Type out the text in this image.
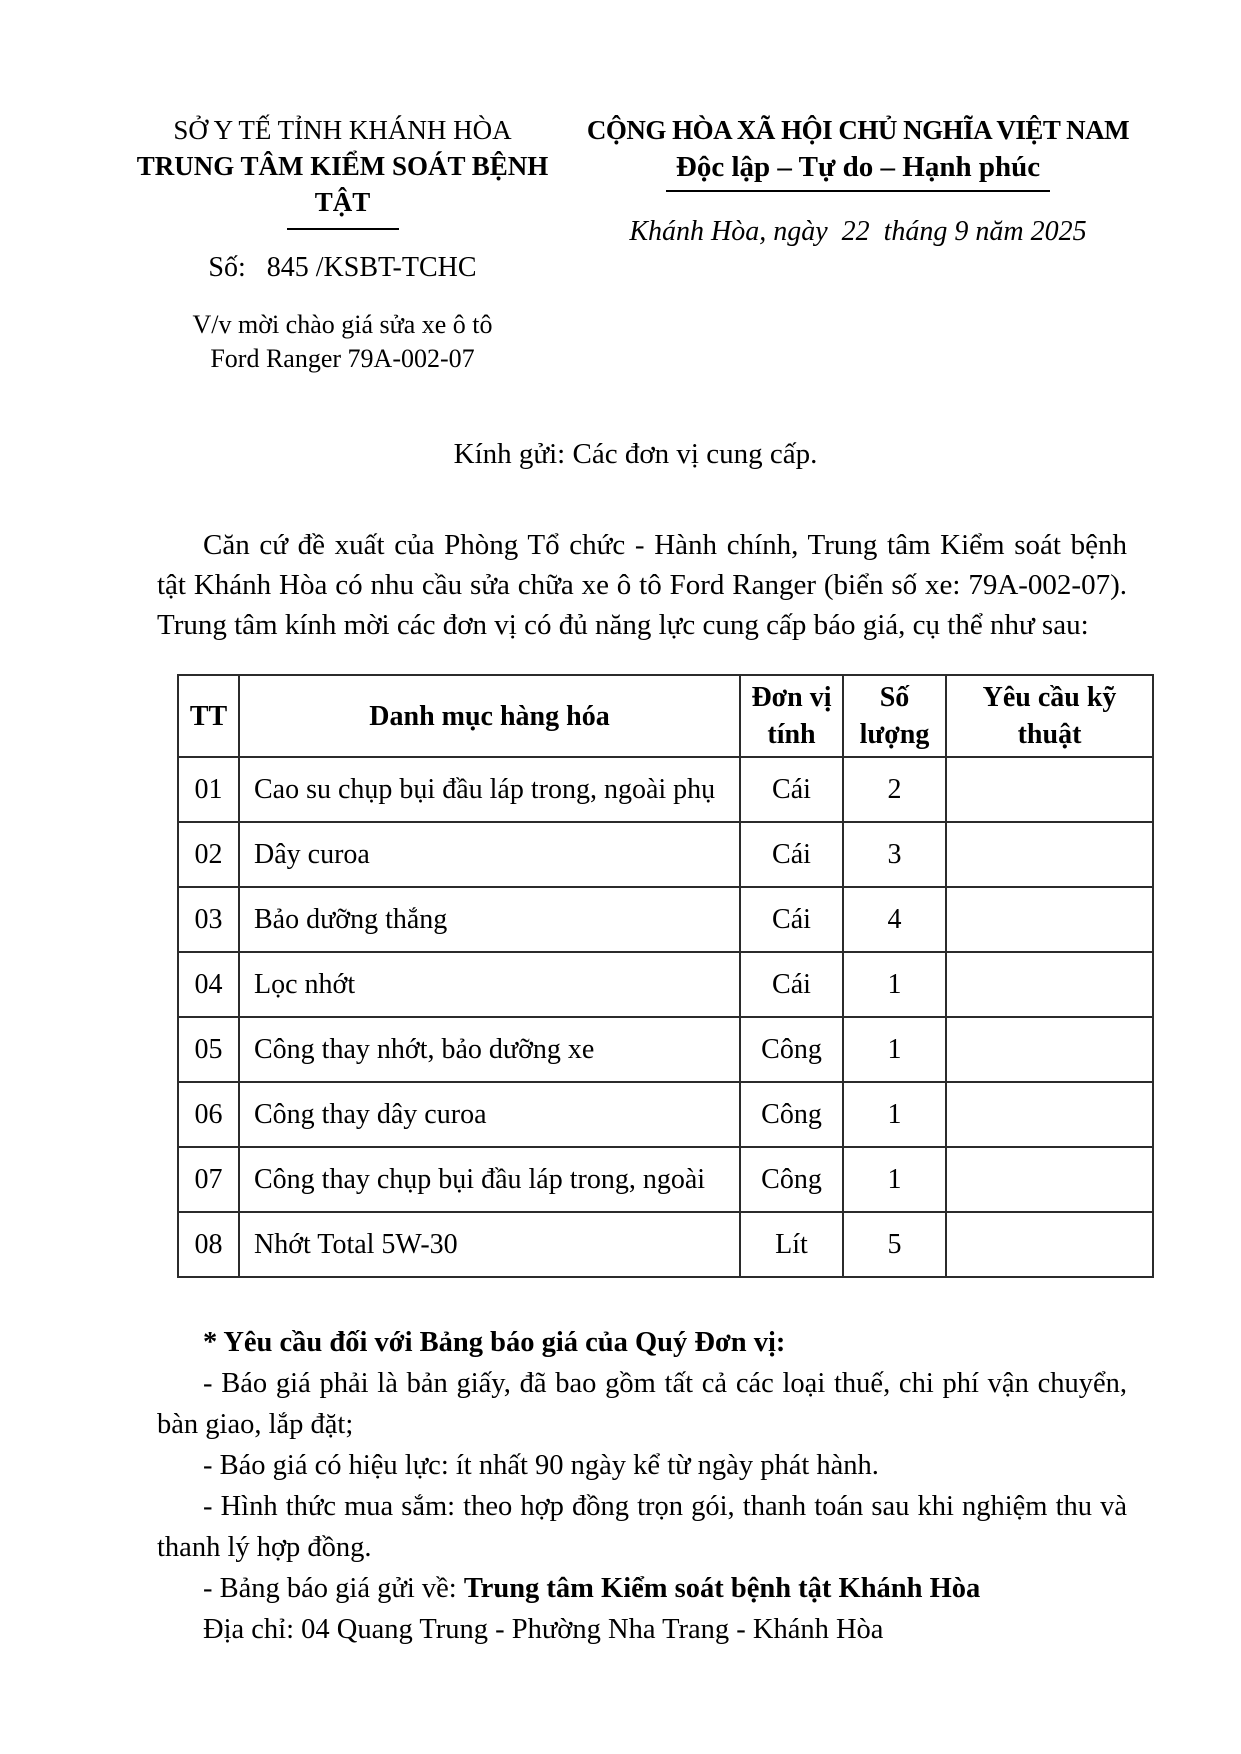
SỞ Y TẾ TỈNH KHÁNH HÒA
TRUNG TÂM KIỂM SOÁT BỆNH TẬT
Số:   845 /KSBT-TCHC
V/v mời chào giá sửa xe ô tô
Ford Ranger 79A-002-07
CỘNG HÒA XÃ HỘI CHỦ NGHĨA VIỆT NAM
Độc lập – Tự do – Hạnh phúc
Khánh Hòa, ngày  22  tháng 9 năm 2025
Kính gửi: Các đơn vị cung cấp.

Căn cứ đề xuất của Phòng Tổ chức - Hành chính, Trung tâm Kiểm soát bệnh tật Khánh Hòa có nhu cầu sửa chữa xe ô tô Ford Ranger (biển số xe: 79A-002-07). Trung tâm kính mời các đơn vị có đủ năng lực cung cấp báo giá, cụ thể như sau:

TT	Danh mục hàng hóa	Đơn vị tính	Số lượng	Yêu cầu kỹ thuật
01	Cao su chụp bụi đầu láp trong, ngoài phụ	Cái	2	
02	Dây curoa	Cái	3	
03	Bảo dưỡng thắng	Cái	4	
04	Lọc nhớt	Cái	1	
05	Công thay nhớt, bảo dưỡng xe	Công	1	
06	Công thay dây curoa	Công	1	
07	Công thay chụp bụi đầu láp trong, ngoài	Công	1	
08	Nhớt Total 5W-30	Lít	5	
* Yêu cầu đối với Bảng báo giá của Quý Đơn vị:
- Báo giá phải là bản giấy, đã bao gồm tất cả các loại thuế, chi phí vận chuyển, bàn giao, lắp đặt;
- Báo giá có hiệu lực: ít nhất 90 ngày kể từ ngày phát hành.
- Hình thức mua sắm: theo hợp đồng trọn gói, thanh toán sau khi nghiệm thu và thanh lý hợp đồng.
- Bảng báo giá gửi về: Trung tâm Kiểm soát bệnh tật Khánh Hòa
Địa chỉ: 04 Quang Trung - Phường Nha Trang - Khánh Hòa
